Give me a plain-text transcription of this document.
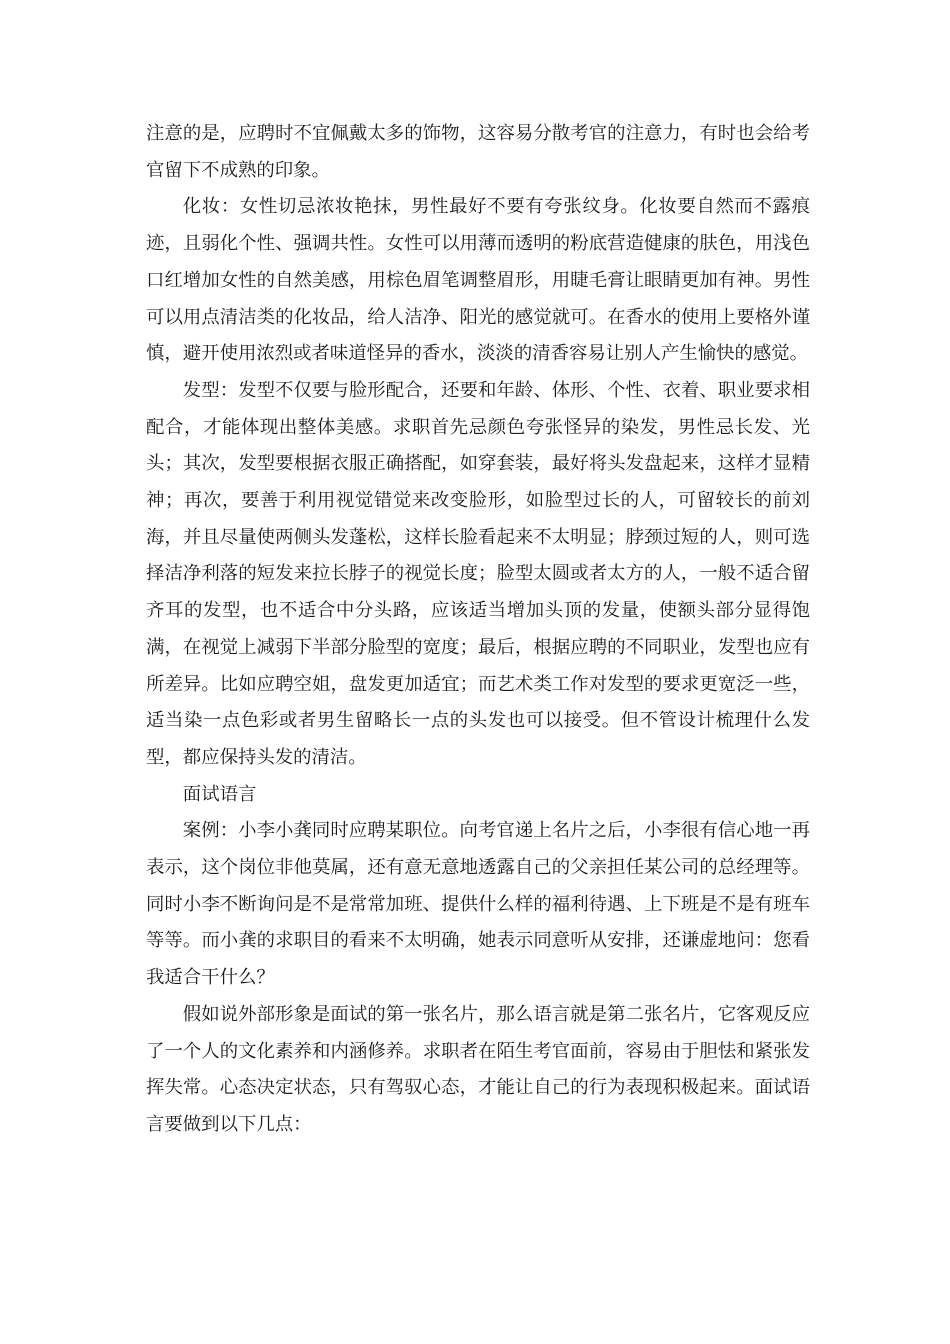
注意的是，应聘时不宜佩戴太多的饰物，这容易分散考官的注意力，有时也会给考官留下不成熟的印象。

化妆：女性切忌浓妆艳抹，男性最好不要有夸张纹身。化妆要自然而不露痕迹，且弱化个性、强调共性。女性可以用薄而透明的粉底营造健康的肤色，用浅色口红增加女性的自然美感，用棕色眉笔调整眉形，用睫毛膏让眼睛更加有神。男性可以用点清洁类的化妆品，给人洁净、阳光的感觉就可。在香水的使用上要格外谨慎，避开使用浓烈或者味道怪异的香水，淡淡的清香容易让别人产生愉快的感觉。

发型：发型不仅要与脸形配合，还要和年龄、体形、个性、衣着、职业要求相配合，才能体现出整体美感。求职首先忌颜色夸张怪异的染发，男性忌长发、光头；其次，发型要根据衣服正确搭配，如穿套装，最好将头发盘起来，这样才显精神；再次，要善于利用视觉错觉来改变脸形，如脸型过长的人，可留较长的前刘海，并且尽量使两侧头发蓬松，这样长脸看起来不太明显；脖颈过短的人，则可选择洁净利落的短发来拉长脖子的视觉长度；脸型太圆或者太方的人，一般不适合留齐耳的发型，也不适合中分头路，应该适当增加头顶的发量，使额头部分显得饱满，在视觉上减弱下半部分脸型的宽度；最后，根据应聘的不同职业，发型也应有所差异。比如应聘空姐，盘发更加适宜；而艺术类工作对发型的要求更宽泛一些，适当染一点色彩或者男生留略长一点的头发也可以接受。但不管设计梳理什么发型，都应保持头发的清洁。

面试语言

案例：小李小龚同时应聘某职位。向考官递上名片之后，小李很有信心地一再表示，这个岗位非他莫属，还有意无意地透露自己的父亲担任某公司的总经理等。同时小李不断询问是不是常常加班、提供什么样的福利待遇、上下班是不是有班车等等。而小龚的求职目的看来不太明确，她表示同意听从安排，还谦虚地问：您看我适合干什么？

假如说外部形象是面试的第一张名片，那么语言就是第二张名片，它客观反应了一个人的文化素养和内涵修养。求职者在陌生考官面前，容易由于胆怯和紧张发挥失常。心态决定状态，只有驾驭心态，才能让自己的行为表现积极起来。面试语言要做到以下几点：
